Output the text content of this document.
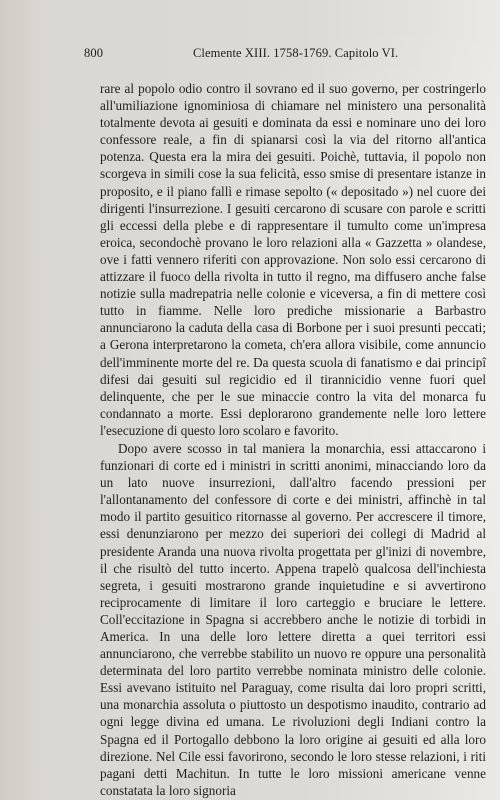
800	Clemente XIII. 1758-1769. Capitolo VI.

rare al popolo odio contro il sovrano ed il suo governo, per costringerlo all'umiliazione ignominiosa di chiamare nel ministero una personalità totalmente devota ai gesuiti e dominata da essi e nominare uno dei loro confessore reale, a fin di spianarsi così la via del ritorno all'antica potenza. Questa era la mira dei gesuiti. Poichè, tuttavia, il popolo non scorgeva in simili cose la sua felicità, esso smise di presentare istanze in proposito, e il piano fallì e rimase sepolto (« depositado ») nel cuore dei dirigenti l'insurrezione. I gesuiti cercarono di scusare con parole e scritti gli eccessi della plebe e di rappresentare il tumulto come un'impresa eroica, secondochè provano le loro relazioni alla « Gazzetta » olandese, ove i fatti vennero riferiti con approvazione. Non solo essi cercarono di attizzare il fuoco della rivolta in tutto il regno, ma diffusero anche false notizie sulla madrepatria nelle colonie e viceversa, a fin di mettere così tutto in fiamme. Nelle loro prediche missionarie a Barbastro annunciarono la caduta della casa di Borbone per i suoi presunti peccati; a Gerona interpretarono la cometa, ch'era allora visibile, come annuncio dell'imminente morte del re. Da questa scuola di fanatismo e dai principî difesi dai gesuiti sul regicidio ed il tirannicidio venne fuori quel delinquente, che per le sue minaccie contro la vita del monarca fu condannato a morte. Essi deplorarono grandemente nelle loro lettere l'esecuzione di questo loro scolaro e favorito.

Dopo avere scosso in tal maniera la monarchia, essi attaccarono i funzionari di corte ed i ministri in scritti anonimi, minacciando loro da un lato nuove insurrezioni, dall'altro facendo pressioni per l'allontanamento del confessore di corte e dei ministri, affinchè in tal modo il partito gesuitico ritornasse al governo. Per accrescere il timore, essi denunziarono per mezzo dei superiori dei collegi di Madrid al presidente Aranda una nuova rivolta progettata per gl'inizi di novembre, il che risultò del tutto incerto. Appena trapelò qualcosa dell'inchiesta segreta, i gesuiti mostrarono grande inquietudine e si avvertirono reciprocamente di limitare il loro carteggio e bruciare le lettere. Coll'eccitazione in Spagna si accrebbero anche le notizie di torbidi in America. In una delle loro lettere diretta a quei territori essi annunciarono, che verrebbe stabilito un nuovo re oppure una personalità determinata del loro partito verrebbe nominata ministro delle colonie. Essi avevano istituito nel Paraguay, come risulta dai loro propri scritti, una monarchia assoluta o piuttosto un despotismo inaudito, contrario ad ogni legge divina ed umana. Le rivoluzioni degli Indiani contro la Spagna ed il Portogallo debbono la loro origine ai gesuiti ed alla loro direzione. Nel Cile essi favorirono, secondo le loro stesse relazioni, i riti pagani detti Machitun. In tutte le loro missioni americane venne constatata la loro signoria
